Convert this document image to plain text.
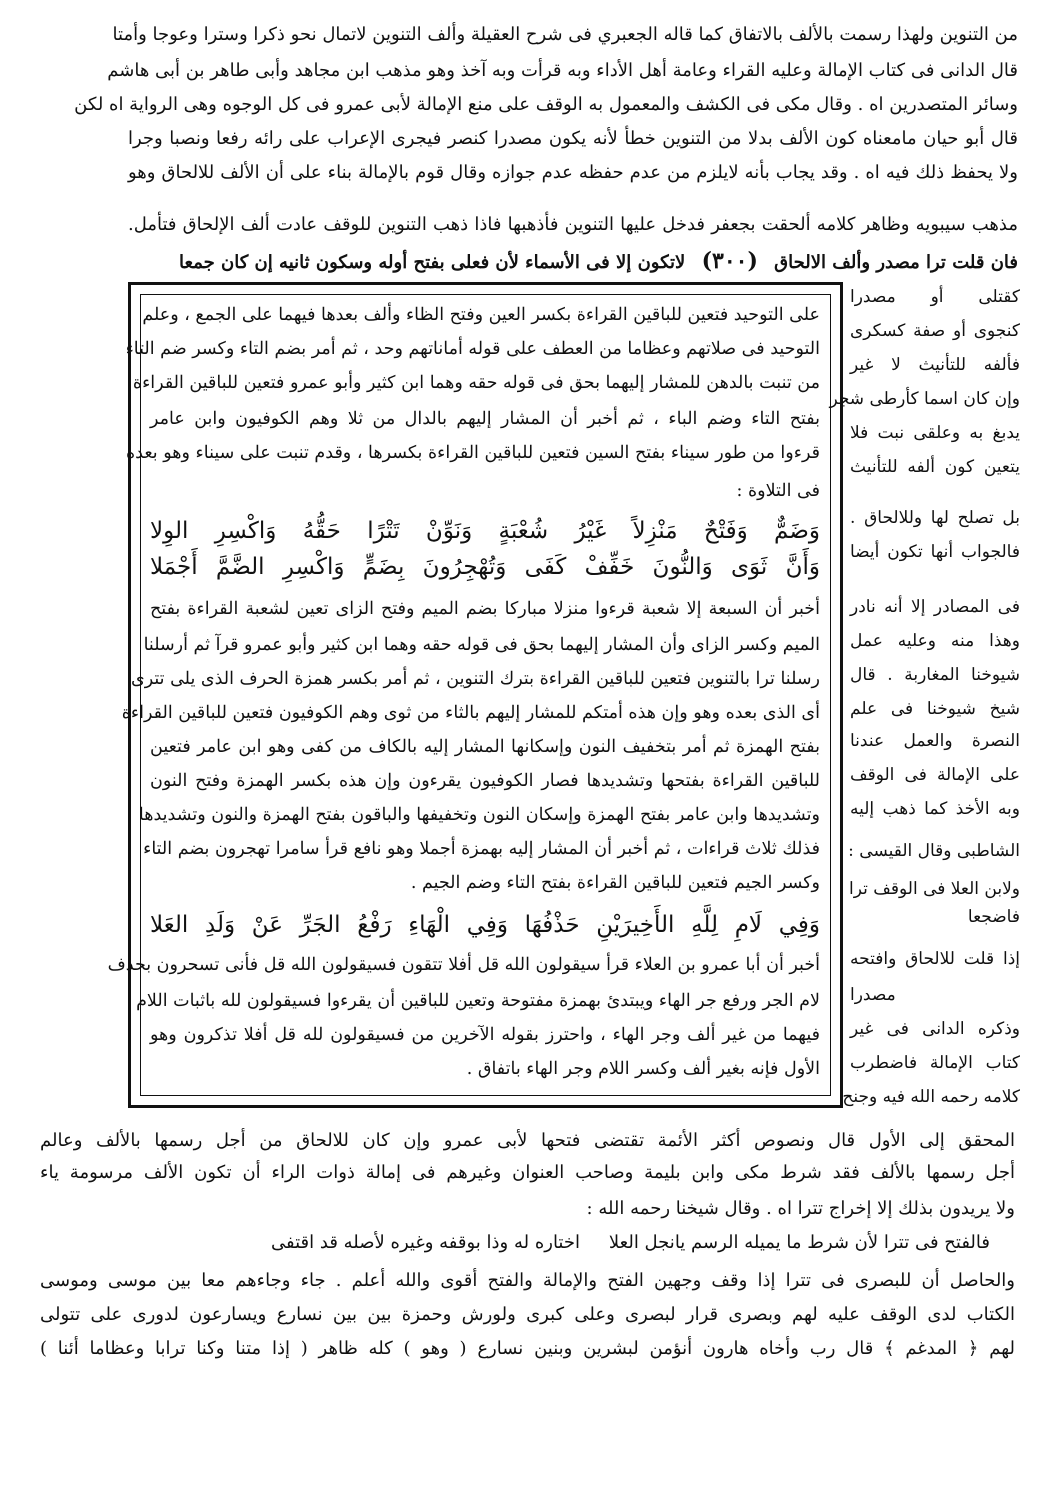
من التنوين ولهذا رسمت بالألف بالاتفاق كما قاله الجعبري فى شرح العقيلة وألف التنوين لاتمال نحو ذكرا وسترا وعوجا وأمتا
قال الدانى فى كتاب الإمالة وعليه القراء وعامة أهل الأداء وبه قرأت وبه آخذ وهو مذهب ابن مجاهد وأبى طاهر بن أبى هاشم
وسائر المتصدرين اه . وقال مكى فى الكشف والمعمول به الوقف على منع الإمالة لأبى عمرو فى كل الوجوه وهى الرواية اه لكن
قال أبو حيان مامعناه كون الألف بدلا من التنوين خطأ لأنه يكون مصدرا كنصر فيجرى الإعراب على رائه رفعا ونصبا وجرا
ولا يحفظ ذلك فيه اه . وقد يجاب بأنه لايلزم من عدم حفظه عدم جوازه وقال قوم بالإمالة بناء على أن الألف للالحاق وهو
مذهب سيبويه وظاهر كلامه ألحقت بجعفر فدخل عليها التنوين فأذهبها فاذا ذهب التنوين للوقف عادت ألف الإلحاق فتأمل.
فان قلت ترا مصدر وألف الالحاق (٣٠٠) لاتكون إلا فى الأسماء لأن فعلى بفتح أوله وسكون ثانيه إن كان جمعا
كقتلى أو مصدرا
كنجوى أو صفة كسكرى
فألفه للتأنيث لا غير
وإن كان اسما كأرطى شجر
يدبغ به وعلقى نبت فلا
يتعين كون ألفه للتأنيث
بل تصلح لها وللالحاق .
فالجواب أنها تكون أيضا
فى المصادر إلا أنه نادر
وهذا منه وعليه عمل
شيوخنا المغاربة . قال
شيخ شيوخنا فى علم
النصرة والعمل عندنا
على الإمالة فى الوقف
وبه الأخذ كما ذهب إليه
الشاطبى وقال القيسى :
ولابن العلا فى الوقف ترا
فاضجعا
إذا قلت للالحاق وافتحه
مصدرا
وذكره الدانى فى غير
كتاب الإمالة فاضطرب
كلامه رحمه الله فيه وجنح
على التوحيد فتعين للباقين القراءة بكسر العين وفتح الظاء وألف بعدها فيهما على الجمع ، وعلم
التوحيد فى صلاتهم وعظاما من العطف على قوله أماناتهم وحد ، ثم أمر بضم التاء وكسر ضم التاء
من تنبت بالدهن للمشار إليهما بحق فى قوله حقه وهما ابن كثير وأبو عمرو فتعين للباقين القراءة
بفتح التاء وضم الباء ، ثم أخبر أن المشار إليهم بالدال من ثلا وهم الكوفيون وابن عامر
قرءوا من طور سيناء بفتح السين فتعين للباقين القراءة بكسرها ، وقدم تنبت على سيناء وهو بعده
فى التلاوة :
وَضَمٌّ وَفَتْحٌ مَنْزِلاً غَيْرُ شُعْبَةٍ وَنَوِّنْ تَتْرًا حَقُّهُ وَاكْسِرِ الوِلا
وَأَنَّ ثَوَى وَالنُّونَ خَفِّفْ كَفَى وَتُهْجِرُونَ بِضَمٍّ وَاكْسِرِ الضَّمَّ أَجْمَلا
أخبر أن السبعة إلا شعبة قرءوا منزلا مباركا بضم الميم وفتح الزاى تعين لشعبة القراءة بفتح
الميم وكسر الزاى وأن المشار إليهما بحق فى قوله حقه وهما ابن كثير وأبو عمرو قرآ ثم أرسلنا
رسلنا ترا بالتنوين فتعين للباقين القراءة بترك التنوين ، ثم أمر بكسر همزة الحرف الذى يلى تترى
أى الذى بعده وهو وإن هذه أمتكم للمشار إليهم بالثاء من ثوى وهم الكوفيون فتعين للباقين القراءة
بفتح الهمزة ثم أمر بتخفيف النون وإسكانها المشار إليه بالكاف من كفى وهو ابن عامر فتعين
للباقين القراءة بفتحها وتشديدها فصار الكوفيون يقرءون وإن هذه بكسر الهمزة وفتح النون
وتشديدها وابن عامر بفتح الهمزة وإسكان النون وتخفيفها والباقون بفتح الهمزة والنون وتشديدها
فذلك ثلاث قراءات ، ثم أخبر أن المشار إليه بهمزة أجملا وهو نافع قرأ سامرا تهجرون بضم التاء
وكسر الجيم فتعين للباقين القراءة بفتح التاء وضم الجيم .
وَفِي لَامِ لِلَّهِ الأَخِيرَيْنِ حَذْفُهَا وَفِي الْهَاءِ رَفْعُ الجَرِّ عَنْ وَلَدِ العَلا
أخبر أن أبا عمرو بن العلاء قرأ سيقولون الله قل أفلا تتقون فسيقولون الله قل فأنى تسحرون بحذف
لام الجر ورفع جر الهاء ويبتدئ بهمزة مفتوحة وتعين للباقين أن يقرءوا فسيقولون لله باثبات اللام
فيهما من غير ألف وجر الهاء ، واحترز بقوله الآخرين من فسيقولون لله قل أفلا تذكرون وهو
الأول فإنه بغير ألف وكسر اللام وجر الهاء باتفاق .
المحقق إلى الأول قال ونصوص أكثر الأئمة تقتضى فتحها لأبى عمرو وإن كان للالحاق من أجل رسمها بالألف وعالم
أجل رسمها بالألف فقد شرط مكى وابن بليمة وصاحب العنوان وغيرهم فى إمالة ذوات الراء أن تكون الألف مرسومة ياء
ولا يريدون بذلك إلا إخراج تترا اه . وقال شيخنا رحمه الله :
فالفتح فى تترا لأن شرط ما يميله الرسم يانجل العلا
اختاره له وذا بوقفه وغيره لأصله قد اقتفى
والحاصل أن للبصرى فى تترا إذا وقف وجهين الفتح والإمالة والفتح أقوى والله أعلم . جاء وجاءهم معا بين موسى وموسى
الكتاب لدى الوقف عليه لهم وبصرى قرار لبصرى وعلى كبرى ولورش وحمزة بين بين نسارع ويسارعون لدورى على تتولى
لهم ﴿ المدغم ﴾ قال رب وأخاه هارون أنؤمن لبشرين وبنين نسارع ( وهو ) كله ظاهر ( إذا متنا وكنا ترابا وعظاما أئنا )
